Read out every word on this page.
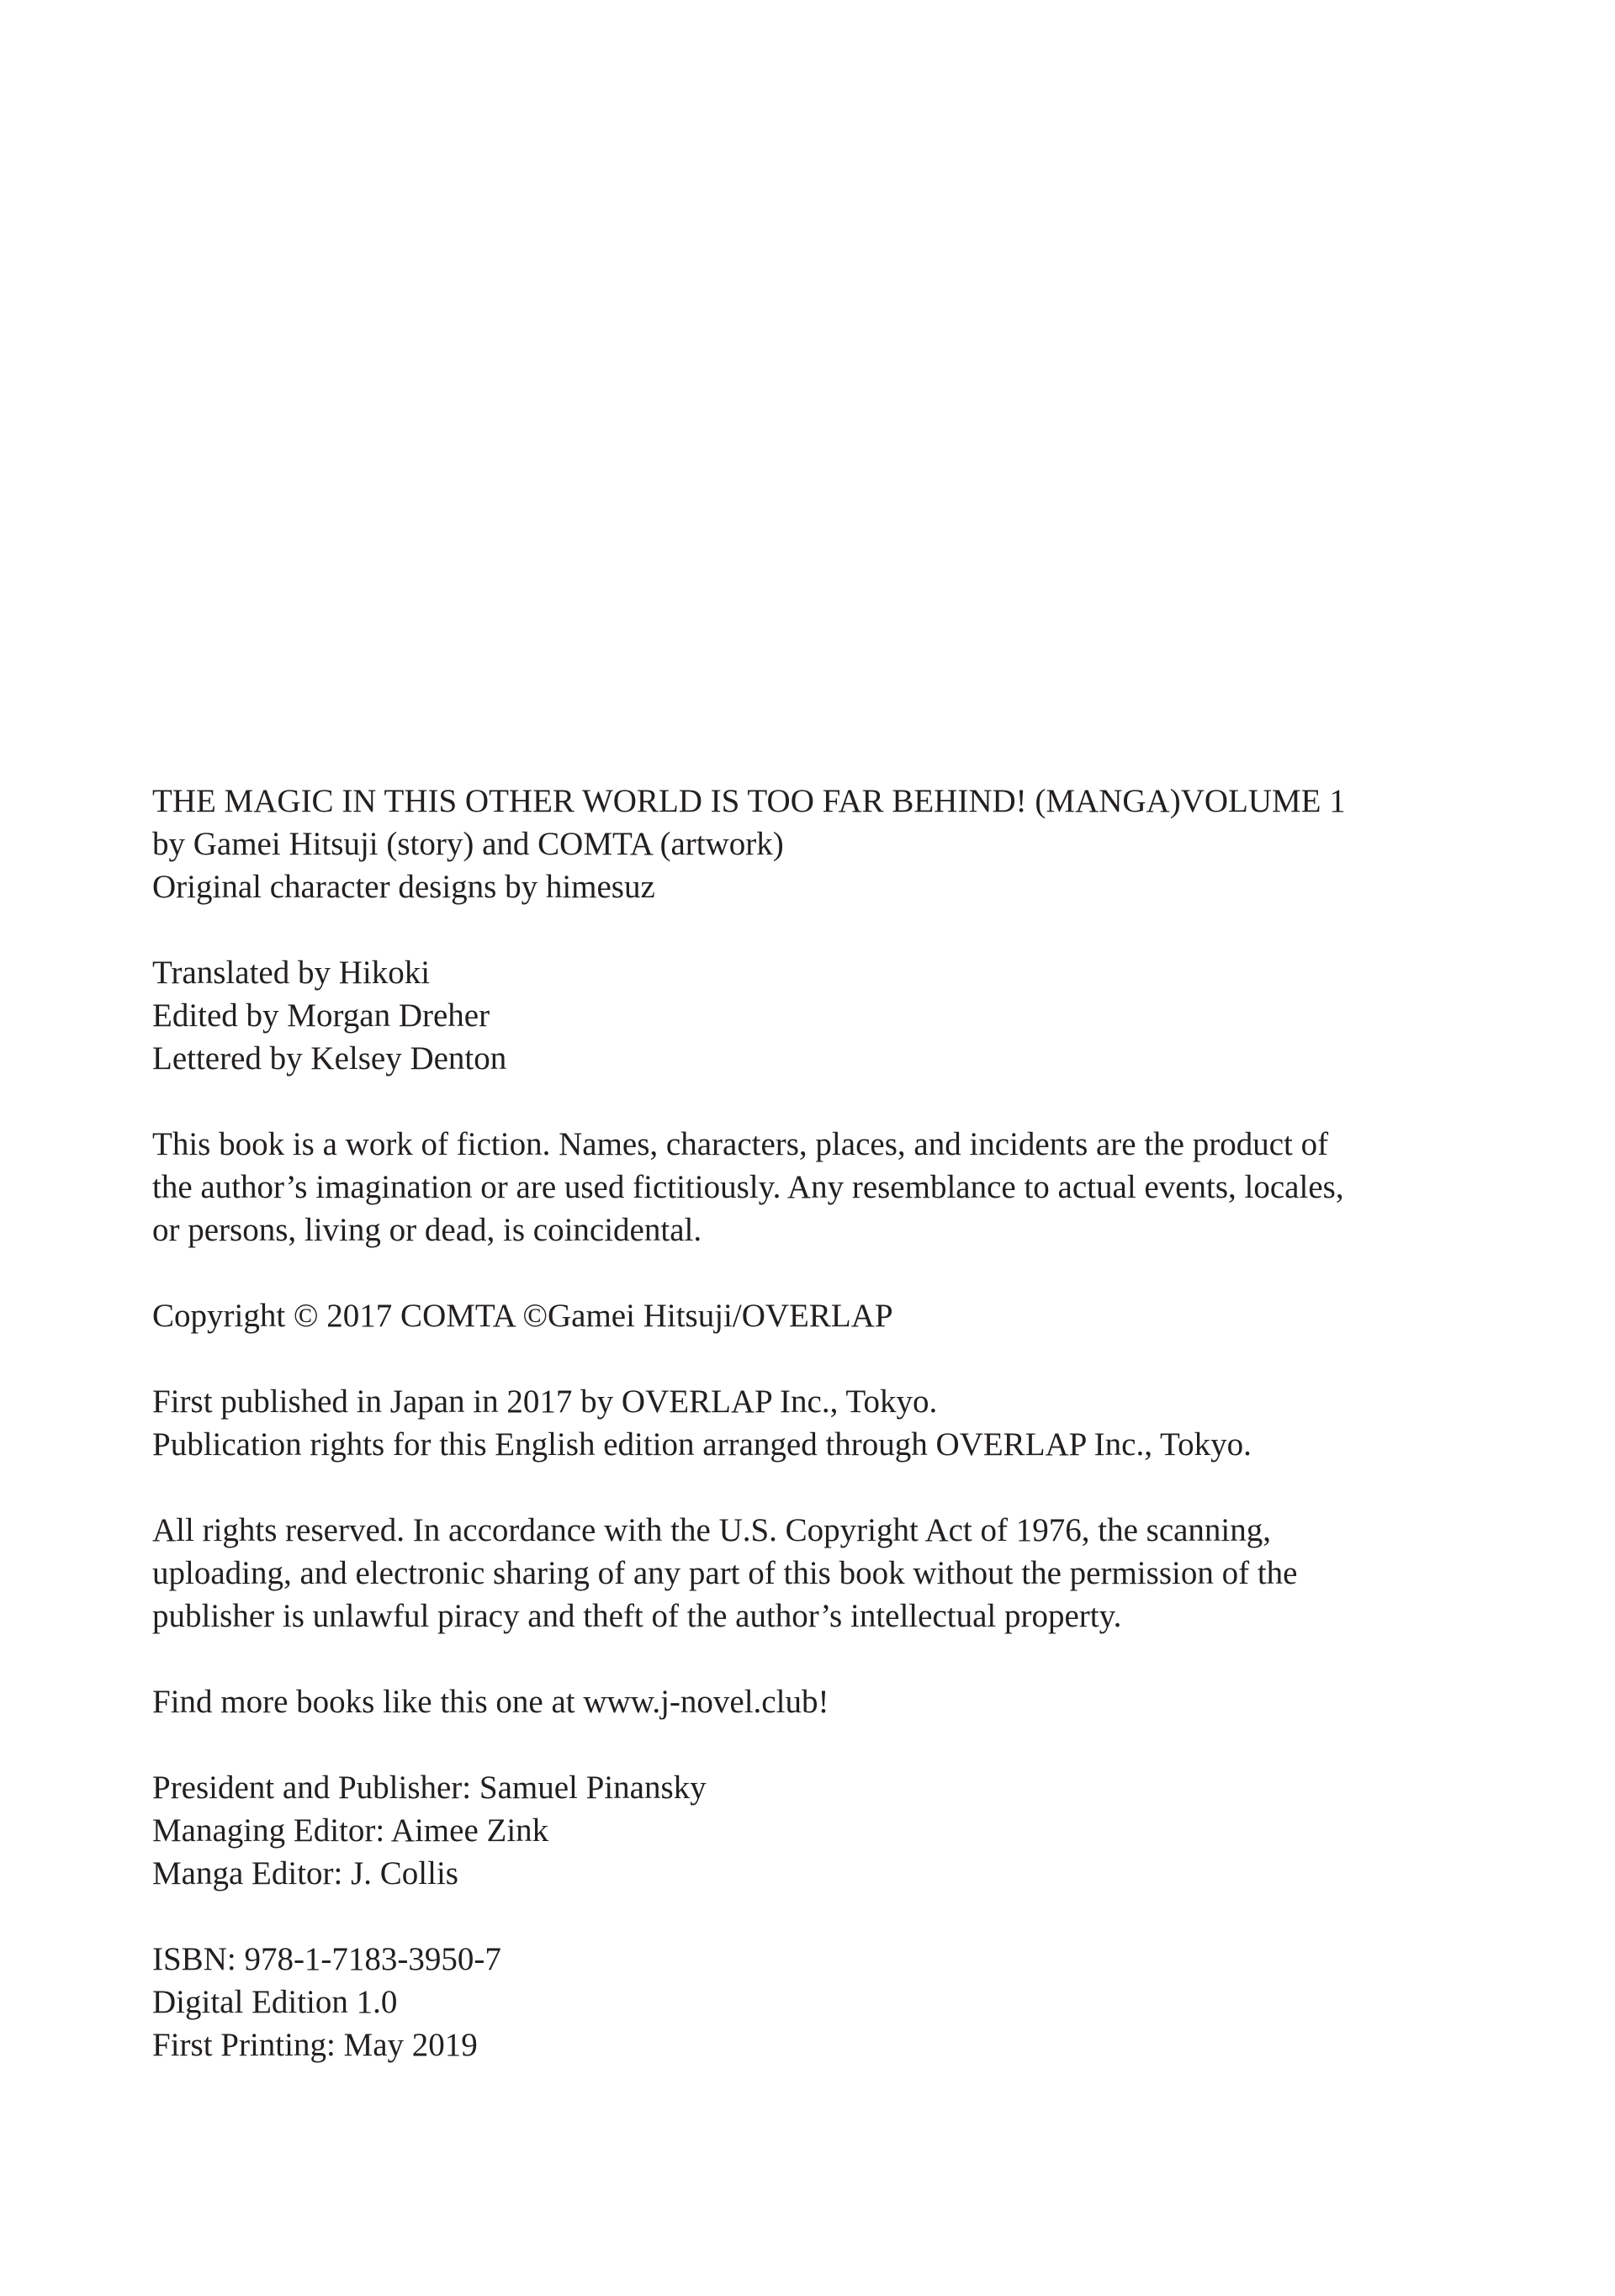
THE MAGIC IN THIS OTHER WORLD IS TOO FAR BEHIND! (MANGA)VOLUME 1
by Gamei Hitsuji (story) and COMTA (artwork)
Original character designs by himesuz
Translated by Hikoki
Edited by Morgan Dreher
Lettered by Kelsey Denton
This book is a work of fiction. Names, characters, places, and incidents are the product of
the author’s imagination or are used fictitiously. Any resemblance to actual events, locales,
or persons, living or dead, is coincidental.
Copyright © 2017 COMTA ©Gamei Hitsuji/OVERLAP
First published in Japan in 2017 by OVERLAP Inc., Tokyo.
Publication rights for this English edition arranged through OVERLAP Inc., Tokyo.
All rights reserved. In accordance with the U.S. Copyright Act of 1976, the scanning,
uploading, and electronic sharing of any part of this book without the permission of the
publisher is unlawful piracy and theft of the author’s intellectual property.
Find more books like this one at www.j-novel.club!
President and Publisher: Samuel Pinansky
Managing Editor: Aimee Zink
Manga Editor: J. Collis
ISBN: 978-1-7183-3950-7
Digital Edition 1.0
First Printing: May 2019
